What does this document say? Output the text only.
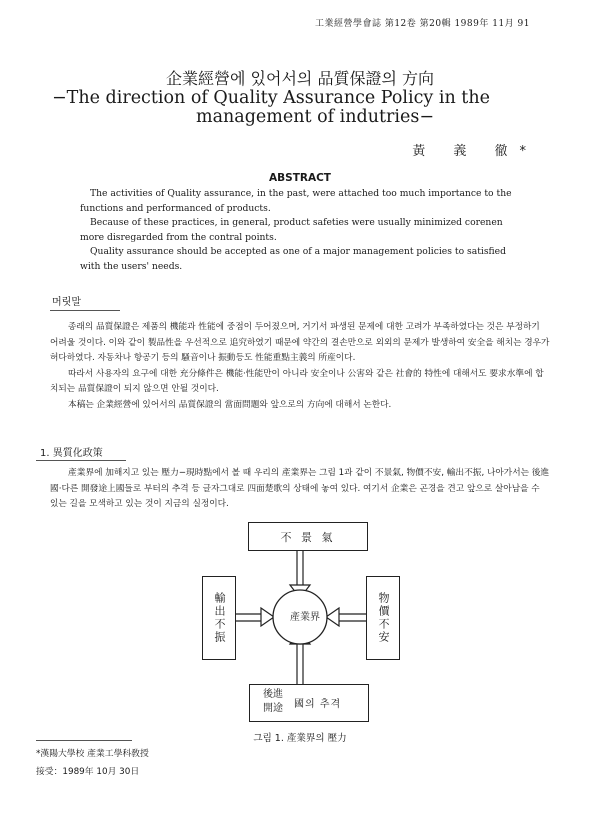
工業經營學會誌 第12卷 第20輯 1989年 11月 91
企業經營에 있어서의 品質保證의 方向
−The direction of Quality Assurance Policy in the
management of indutries−
黃 義 徹*
ABSTRACT

The activities of Quality assurance, in the past, were attached too much importance to the functions and performanced of products.

Because of these practices, in general, product safeties were usually minimized corenen more disregarded from the contral points.

Quality assurance should be accepted as one of a major management policies to satisfied with the users' needs.

머릿말

종래의 品質保證은 제품의 機能과 性能에 중점이 두어졌으며, 거기서 파생된 문제에 대한 고려가 부족하였다는 것은 부정하기 어려울 것이다. 이와 같이 製品性을 우선적으로 追究하였기 때문에 약간의 결손만으로 외외의 문제가 발생하여 安全을 해치는 경우가 허다하였다. 자동차나 항공기 등의 騷音이나 振動등도 性能重點主義의 所産이다.

따라서 사용자의 요구에 대한 充分條件은 機能·性能만이 아니라 安全이나 公害와 같은 社會的 特性에 대해서도 要求水準에 합치되는 品質保證이 되지 않으면 안될 것이다.

本稿는 企業經營에 있어서의 品質保證의 當面問題와 앞으로의 方向에 대해서 논한다.

1. 異質化政策

產業界에 加해지고 있는 壓力−現時點에서 볼 때 우리의 產業界는 그림 1과 같이 不景氣, 物價不安, 輸出不振, 나아가서는 後進國·다른 開發途上國들로 부터의 추격 등 글자그대로 四面楚歌의 상태에 놓여 있다. 여기서 企業은 곤경을 견고 앞으로 살아남을 수 있는 길을 모색하고 있는 것이 지금의 실정이다.

不 景 氣
輸出不振	物價不安
產業界
後進
開途	國의 추격
그림 1. 產業界의 壓力
*漢陽大學校 產業工學科敎授
接受：1989年 10月 30日
